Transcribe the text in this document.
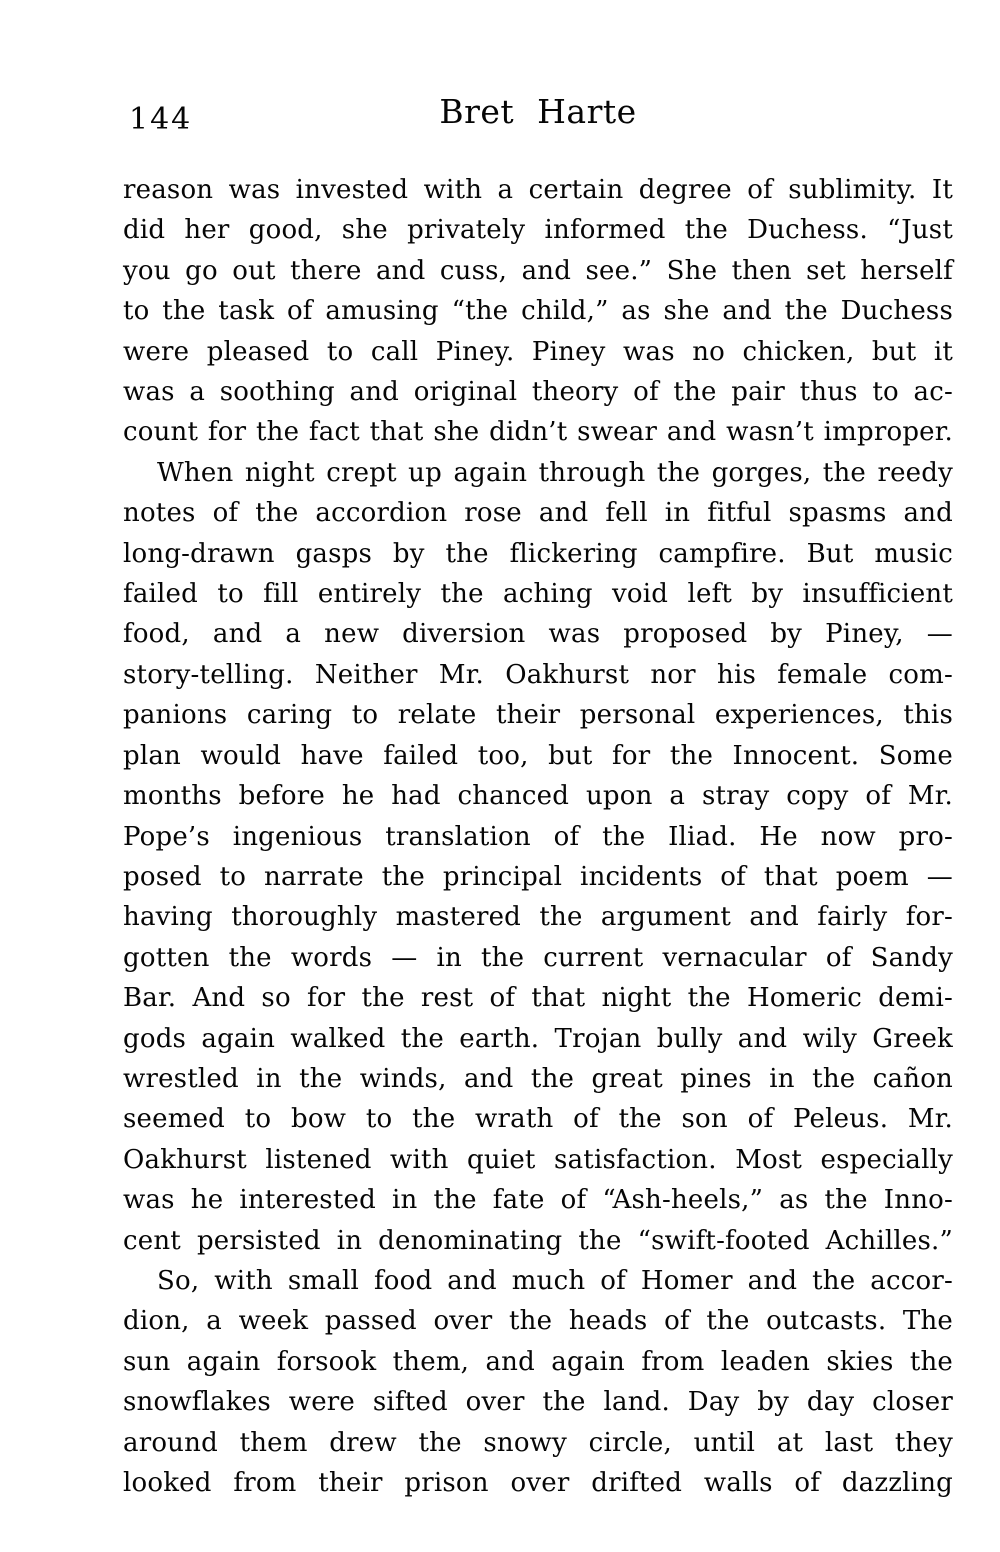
144	Bret Harte
reason was invested with a certain degree of sublimity. It
did her good, she privately informed the Duchess. “Just
you go out there and cuss, and see.” She then set herself
to the task of amusing “the child,” as she and the Duchess
were pleased to call Piney. Piney was no chicken, but it
was a soothing and original theory of the pair thus to ac-
count for the fact that she didn’t swear and wasn’t improper.
When night crept up again through the gorges, the reedy
notes of the accordion rose and fell in fitful spasms and
long-drawn gasps by the flickering campfire. But music
failed to fill entirely the aching void left by insufficient
food, and a new diversion was proposed by Piney, —
story-telling. Neither Mr. Oakhurst nor his female com-
panions caring to relate their personal experiences, this
plan would have failed too, but for the Innocent. Some
months before he had chanced upon a stray copy of Mr.
Pope’s ingenious translation of the Iliad. He now pro-
posed to narrate the principal incidents of that poem —
having thoroughly mastered the argument and fairly for-
gotten the words — in the current vernacular of Sandy
Bar. And so for the rest of that night the Homeric demi-
gods again walked the earth. Trojan bully and wily Greek
wrestled in the winds, and the great pines in the cañon
seemed to bow to the wrath of the son of Peleus. Mr.
Oakhurst listened with quiet satisfaction. Most especially
was he interested in the fate of “Ash-heels,” as the Inno-
cent persisted in denominating the “swift-footed Achilles.”
So, with small food and much of Homer and the accor-
dion, a week passed over the heads of the outcasts. The
sun again forsook them, and again from leaden skies the
snowflakes were sifted over the land. Day by day closer
around them drew the snowy circle, until at last they
looked from their prison over drifted walls of dazzling
